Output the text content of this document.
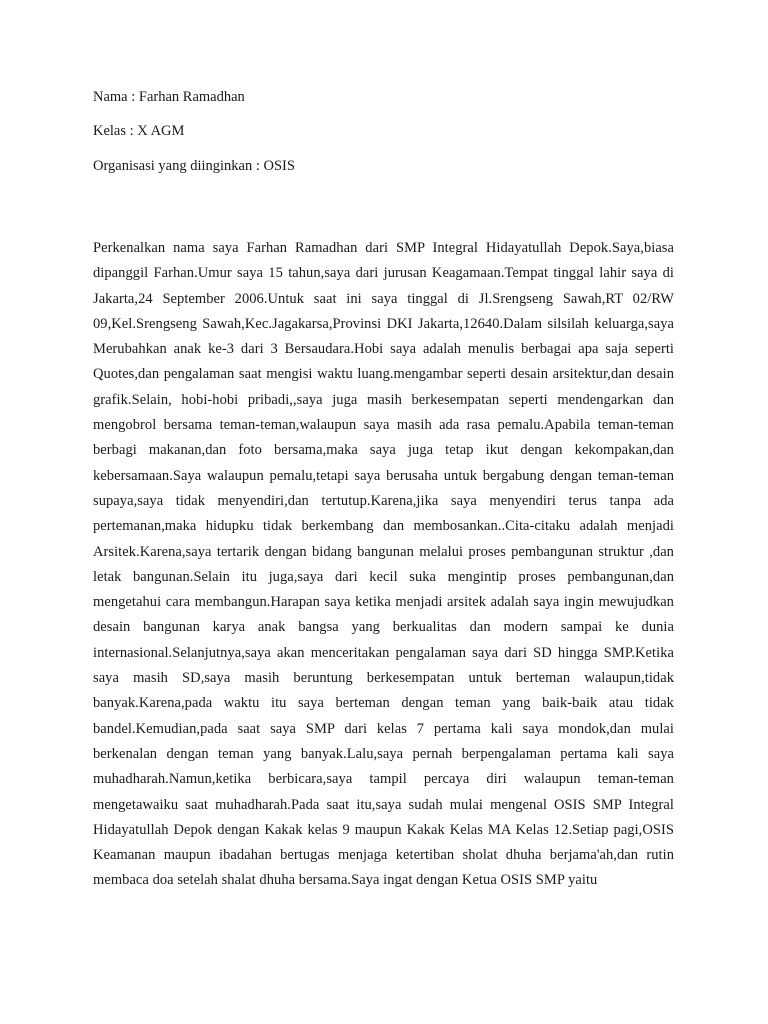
Nama : Farhan Ramadhan

Kelas : X AGM

Organisasi yang diinginkan : OSIS

Perkenalkan nama saya Farhan Ramadhan dari SMP Integral Hidayatullah Depok.Saya,biasa dipanggil Farhan.Umur saya 15 tahun,saya dari jurusan Keagamaan.Tempat tinggal lahir saya di Jakarta,24 September 2006.Untuk saat ini saya tinggal di Jl.Srengseng Sawah,RT 02/RW 09,Kel.Srengseng Sawah,Kec.Jagakarsa,Provinsi DKI Jakarta,12640.Dalam silsilah keluarga,saya Merubahkan anak ke-3 dari 3 Bersaudara.Hobi saya adalah menulis berbagai apa saja seperti Quotes,dan pengalaman saat mengisi waktu luang.mengambar seperti desain arsitektur,dan desain grafik.Selain, hobi-hobi pribadi,,saya juga masih berkesempatan seperti mendengarkan dan mengobrol bersama teman-teman,walaupun saya masih ada rasa pemalu.Apabila teman-teman berbagi makanan,dan foto bersama,maka saya juga tetap ikut dengan kekompakan,dan kebersamaan.Saya walaupun pemalu,tetapi saya berusaha untuk bergabung dengan teman-teman supaya,saya tidak menyendiri,dan tertutup.Karena,jika saya menyendiri terus tanpa ada pertemanan,maka hidupku tidak berkembang dan membosankan..Cita-citaku adalah menjadi Arsitek.Karena,saya tertarik dengan bidang bangunan melalui proses pembangunan struktur ,dan letak bangunan.Selain itu juga,saya dari kecil suka mengintip proses pembangunan,dan mengetahui cara membangun.Harapan saya ketika menjadi arsitek adalah saya ingin mewujudkan desain bangunan karya anak bangsa yang berkualitas dan modern sampai ke dunia internasional.Selanjutnya,saya akan menceritakan pengalaman saya dari SD hingga SMP.Ketika saya masih SD,saya masih beruntung berkesempatan untuk berteman walaupun,tidak banyak.Karena,pada waktu itu saya berteman dengan teman yang baik-baik atau tidak bandel.Kemudian,pada saat saya SMP dari kelas 7 pertama kali saya mondok,dan mulai berkenalan dengan teman yang banyak.Lalu,saya pernah berpengalaman pertama kali saya muhadharah.Namun,ketika berbicara,saya tampil percaya diri walaupun teman-teman mengetawaiku saat muhadharah.Pada saat itu,saya sudah mulai mengenal OSIS SMP Integral Hidayatullah Depok dengan Kakak kelas 9 maupun Kakak Kelas MA Kelas 12.Setiap pagi,OSIS Keamanan maupun ibadahan bertugas menjaga ketertiban sholat dhuha berjama'ah,dan rutin membaca doa setelah shalat dhuha bersama.Saya ingat dengan Ketua OSIS SMP yaitu
